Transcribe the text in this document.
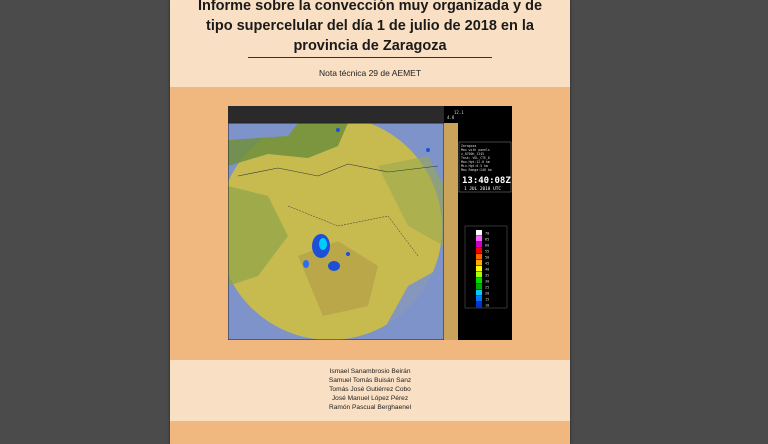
Informe sobre la convección muy organizada y de
tipo supercelular del día 1 de julio de 2018 en la
provincia de Zaragoza
Nota técnica 29 de AEMET
12.1
4.8
Zaragoza
Max with panels
z_0700h_1345
Task: VOL_CTE_D
Max.Hgt:12.0 km
Min.Hgt:0.5 km
Max Range:240 km
13:40:08Z
1 JUL 2018 UTC
70
65
60
55
50
45
40
35
30
25
20
15
10
Ismael Sanambrosio Beirán
Samuel Tomás Buisán Sanz
Tomás José Gutiérrez Cobo
José Manuel López Pérez
Ramón Pascual Berghaenel
